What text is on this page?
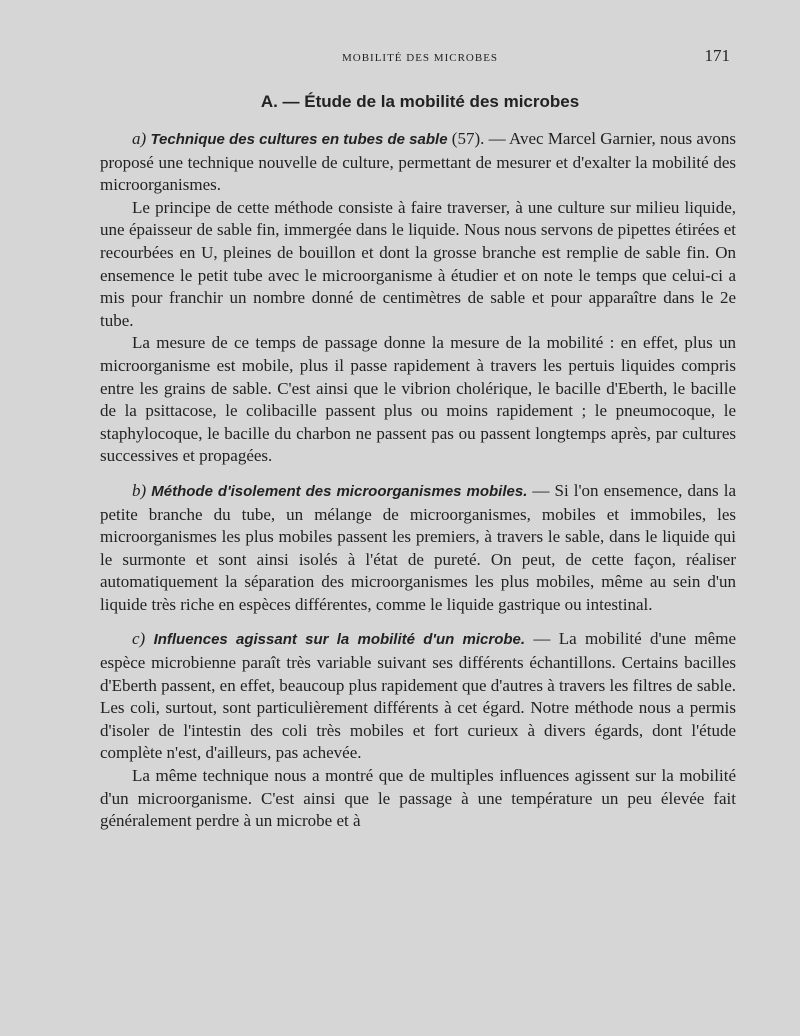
MOBILITÉ DES MICROBES	171
A. — Étude de la mobilité des microbes

a) Technique des cultures en tubes de sable (57). — Avec Marcel Garnier, nous avons proposé une technique nouvelle de culture, permettant de mesurer et d'exalter la mobilité des microorganismes.

Le principe de cette méthode consiste à faire traverser, à une culture sur milieu liquide, une épaisseur de sable fin, immergée dans le liquide. Nous nous servons de pipettes étirées et recourbées en U, pleines de bouillon et dont la grosse branche est remplie de sable fin. On ensemence le petit tube avec le microorganisme à étudier et on note le temps que celui-ci a mis pour franchir un nombre donné de centimètres de sable et pour apparaître dans le 2e tube.

La mesure de ce temps de passage donne la mesure de la mobilité : en effet, plus un microorganisme est mobile, plus il passe rapidement à travers les pertuis liquides compris entre les grains de sable. C'est ainsi que le vibrion cholérique, le bacille d'Eberth, le bacille de la psittacose, le colibacille passent plus ou moins rapidement ; le pneumocoque, le staphylocoque, le bacille du charbon ne passent pas ou passent longtemps après, par cultures successives et propagées.

b) Méthode d'isolement des microorganismes mobiles. — Si l'on ensemence, dans la petite branche du tube, un mélange de microorganismes, mobiles et immobiles, les microorganismes les plus mobiles passent les premiers, à travers le sable, dans le liquide qui le surmonte et sont ainsi isolés à l'état de pureté. On peut, de cette façon, réaliser automatiquement la séparation des microorganismes les plus mobiles, même au sein d'un liquide très riche en espèces différentes, comme le liquide gastrique ou intestinal.

c) Influences agissant sur la mobilité d'un microbe. — La mobilité d'une même espèce microbienne paraît très variable suivant ses différents échantillons. Certains bacilles d'Eberth passent, en effet, beaucoup plus rapidement que d'autres à travers les filtres de sable. Les coli, surtout, sont particulièrement différents à cet égard. Notre méthode nous a permis d'isoler de l'intestin des coli très mobiles et fort curieux à divers égards, dont l'étude complète n'est, d'ailleurs, pas achevée.

La même technique nous a montré que de multiples influences agissent sur la mobilité d'un microorganisme. C'est ainsi que le passage à une température un peu élevée fait généralement perdre à un microbe et à
